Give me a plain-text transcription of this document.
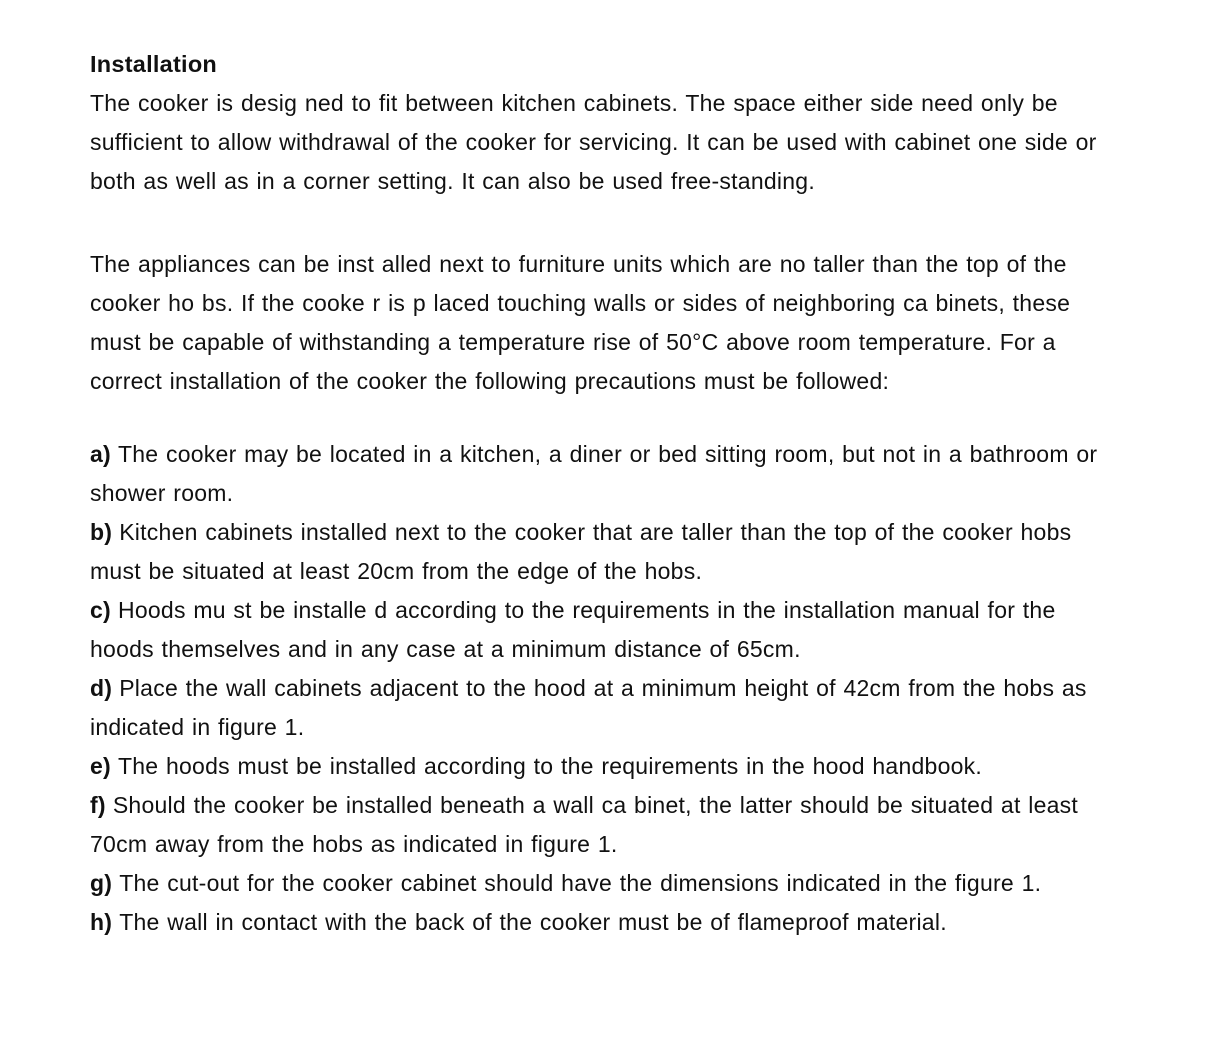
Installation

The cooker is desig ned to fit between kitchen cabinets. The space either side need only be
sufficient to allow withdrawal of the cooker for servicing. It can be used with cabinet one side or
both as well as in a corner setting. It can also be used free-standing.

The appliances can be inst alled next to furniture units which are no taller than the top of the
cooker ho bs. If the cooke r is p laced touching walls or sides of neighboring ca binets, these
must be capable of withstanding a temperature rise of 50°C above room temperature. For a
correct installation of the cooker the following precautions must be followed:

a) The cooker may be located in a kitchen, a diner or bed sitting room, but not in a bathroom or
shower room.
b) Kitchen cabinets installed next to the cooker that are taller than the top of the cooker hobs
must be situated at least 20cm from the edge of the hobs.
c) Hoods mu st be installe d according to the requirements in the installation manual for the
hoods themselves and in any case at a minimum distance of 65cm.
d) Place the wall cabinets adjacent to the hood at a minimum height of 42cm from the hobs as
indicated in figure 1.
e) The hoods must be installed according to the requirements in the hood handbook.
f) Should the cooker be installed beneath a wall ca binet, the latter should be situated at least
70cm away from the hobs as indicated in figure 1.
g) The cut-out for the cooker cabinet should have the dimensions indicated in the figure 1.
h) The wall in contact with the back of the cooker must be of flameproof material.
